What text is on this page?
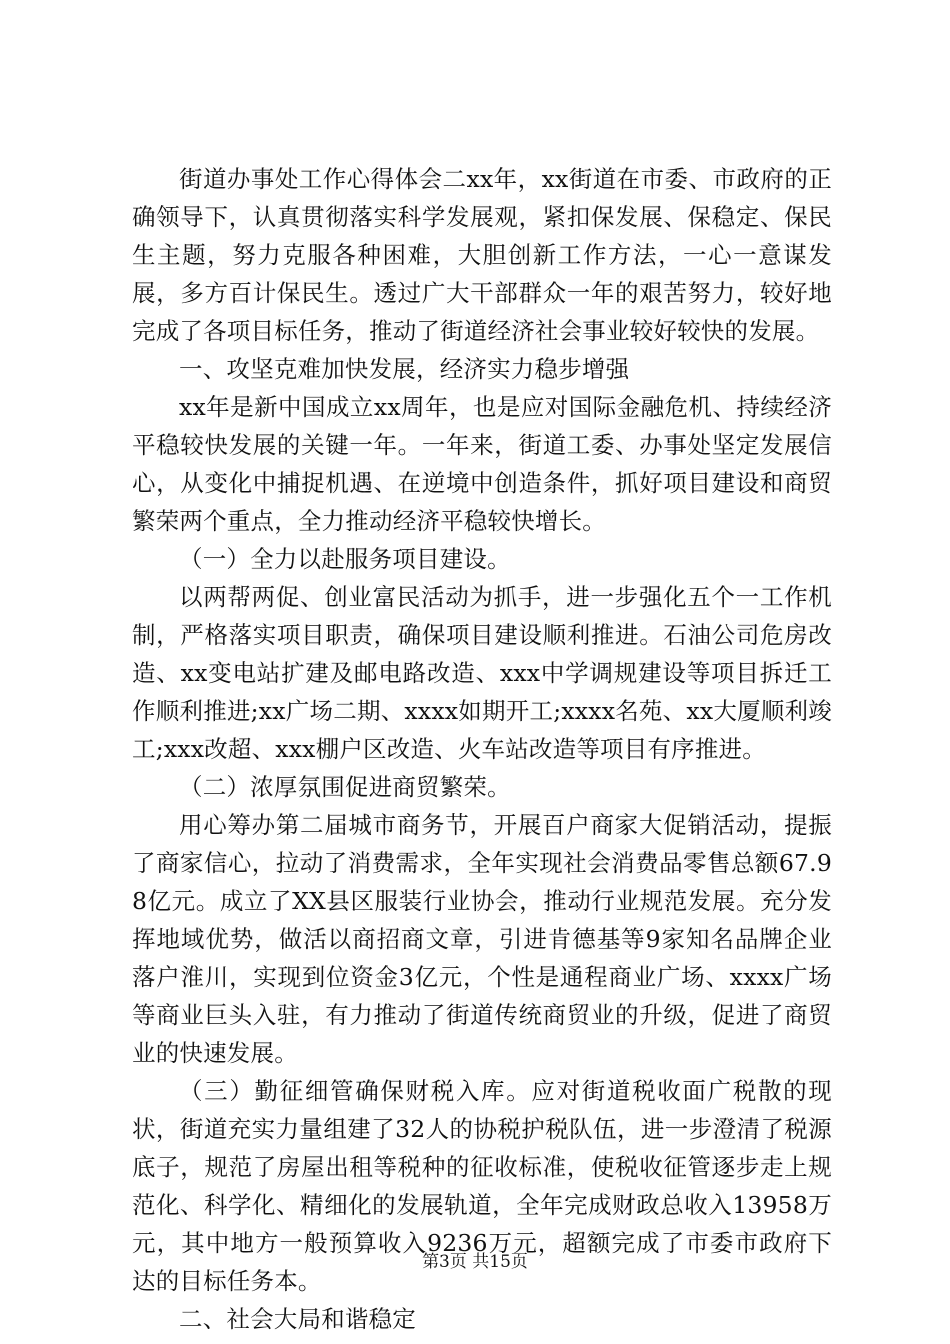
街道办事处工作心得体会二xx年，xx街道在市委、市政府的正确领导下，认真贯彻落实科学发展观，紧扣保发展、保稳定、保民生主题，努力克服各种困难，大胆创新工作方法，一心一意谋发展，多方百计保民生。透过广大干部群众一年的艰苦努力，较好地完成了各项目标任务，推动了街道经济社会事业较好较快的发展。

一、攻坚克难加快发展，经济实力稳步增强

xx年是新中国成立xx周年，也是应对国际金融危机、持续经济平稳较快发展的关键一年。一年来，街道工委、办事处坚定发展信心，从变化中捕捉机遇、在逆境中创造条件，抓好项目建设和商贸繁荣两个重点，全力推动经济平稳较快增长。

（一）全力以赴服务项目建设。

以两帮两促、创业富民活动为抓手，进一步强化五个一工作机制，严格落实项目职责，确保项目建设顺利推进。石油公司危房改造、xx变电站扩建及邮电路改造、xxx中学调规建设等项目拆迁工作顺利推进;xx广场二期、xxxx如期开工;xxxx名苑、xx大厦顺利竣工;xxx改超、xxx棚户区改造、火车站改造等项目有序推进。

（二）浓厚氛围促进商贸繁荣。

用心筹办第二届城市商务节，开展百户商家大促销活动，提振了商家信心，拉动了消费需求，全年实现社会消费品零售总额67.98亿元。成立了XX县区服装行业协会，推动行业规范发展。充分发挥地域优势，做活以商招商文章，引进肯德基等9家知名品牌企业落户淮川，实现到位资金3亿元，个性是通程商业广场、xxxx广场等商业巨头入驻，有力推动了街道传统商贸业的升级，促进了商贸业的快速发展。

（三）勤征细管确保财税入库。应对街道税收面广税散的现状，街道充实力量组建了32人的协税护税队伍，进一步澄清了税源底子，规范了房屋出租等税种的征收标准，使税收征管逐步走上规范化、科学化、精细化的发展轨道，全年完成财政总收入13958万元，其中地方一般预算收入9236万元，超额完成了市委市政府下达的目标任务本。

二、社会大局和谐稳定

第3页 共15页
